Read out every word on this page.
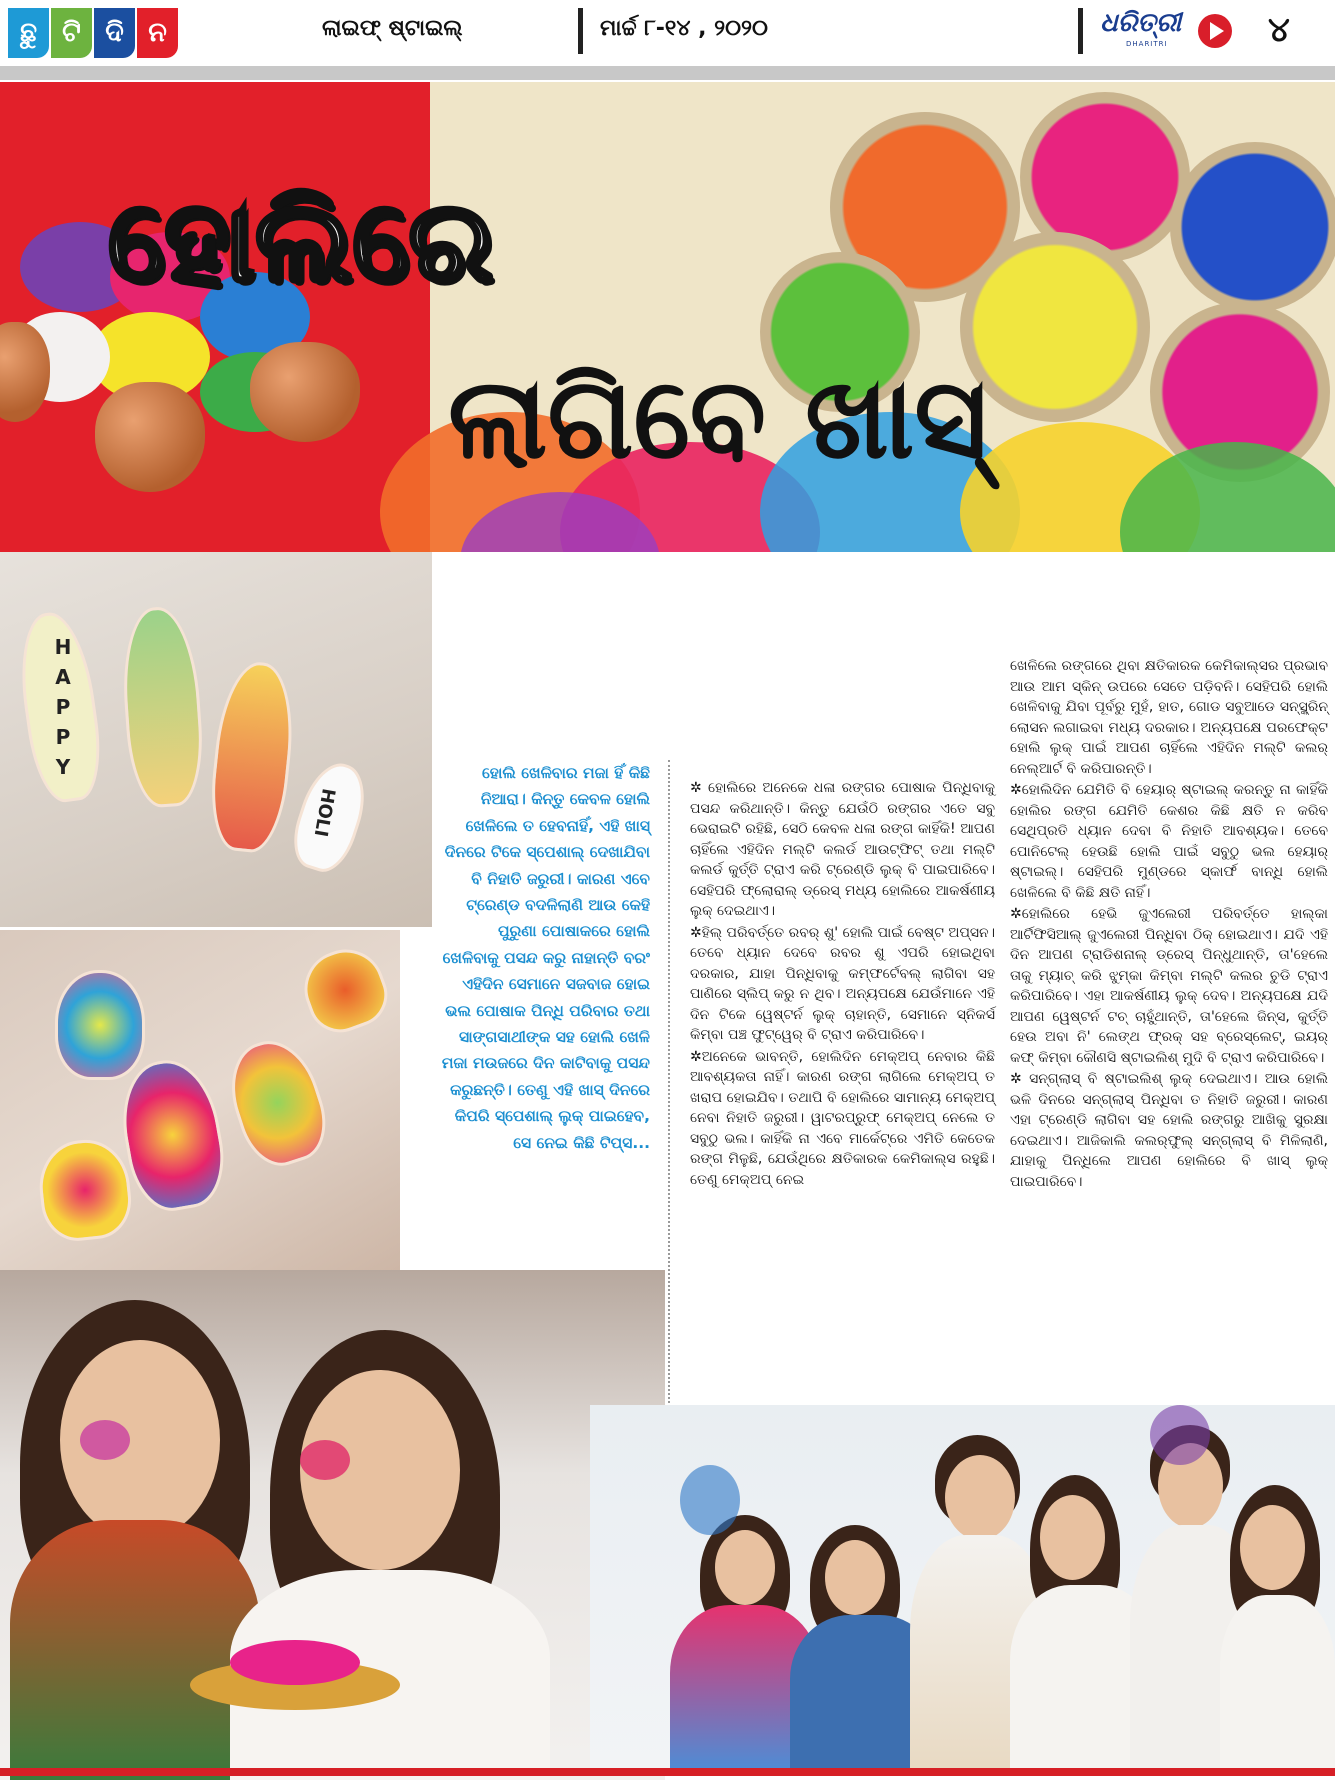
ଛୁ ଟି ଦି ନ	ଲାଇଫ୍ ଷ୍ଟାଇଲ୍	ମାର୍ଚ୍ଚ ୮-୧୪ , ୨୦୨୦	ଧରିତ୍ରୀ
DHARITRI	୪
ହୋଲିରେ
ଲାଗିବେ ଖାସ୍
H
A
P
P
Y
HOLI

ହୋଲି ଖେଳିବାର ମଜା ହିଁ କିଛି ନିଆରା। କିନ୍ତୁ କେବଳ ହୋଲି ଖେଳିଲେ ତ ହେବନାହିଁ, ଏହି ଖାସ୍ ଦିନରେ ଟିକେ ସ୍ପେଶାଲ୍ ଦେଖାଯିବା ବି ନିହାତି ଜରୁରୀ। କାରଣ ଏବେ ଟ୍ରେଣ୍ଡ ବଦଳିଲାଣି ଆଉ କେହି ପୁରୁଣା ପୋଷାକରେ ହୋଲି ଖେଳିବାକୁ ପସନ୍ଦ କରୁ ନାହାନ୍ତି ବରଂ ଏହିଦିନ ସେମାନେ ସଜବାଜ ହୋଇ ଭଲ ପୋଷାକ ପିନ୍ଧି ପରିବାର ତଥା ସାଙ୍ଗସାଥୀଙ୍କ ସହ ହୋଲି ଖେଳି ମଜା ମଉଜରେ ଦିନ କାଟିବାକୁ ପସନ୍ଦ କରୁଛନ୍ତି। ତେଣୁ ଏହି ଖାସ୍ ଦିନରେ କିପରି ସ୍ପେଶାଲ୍ ଲୁକ୍ ପାଇହେବ, ସେ ନେଇ କିଛି ଟିପ୍ସ...

✲ ହୋଲିରେ ଅନେକେ ଧଳା ରଙ୍ଗର ପୋଷାକ ପିନ୍ଧିବାକୁ ପସନ୍ଦ କରିଥାନ୍ତି। କିନ୍ତୁ ଯେଉଁଠି ରଙ୍ଗର ଏତେ ସବୁ ଭେରାଇଟି ରହିଛି, ସେଠି କେବଳ ଧଳା ରଙ୍ଗ କାହିଁକି! ଆପଣ ଚାହିଁଲେ ଏହିଦିନ ମଲ୍ଟି କଲର୍ଡ ଆଉଟ୍‌ଫିଟ୍ ତଥା ମଲ୍ଟି କଲର୍ଡ କୁର୍ତ୍ତି ଟ୍ରାଏ କରି ଟ୍ରେଣ୍ଡି ଲୁକ୍ ବି ପାଇପାରିବେ। ସେହିପରି ଫ୍ଲୋରାଲ୍ ଡ୍ରେସ୍ ମଧ୍ୟ ହୋଲିରେ ଆକର୍ଷଣୀୟ ଲୁକ୍ ଦେଇଥାଏ।

✲ହିଲ୍ ପରିବର୍ତ୍ତେ ରବର୍ ଶୁ' ହୋଲି ପାଇଁ ବେଷ୍ଟ ଅପ୍ସନ। ତେବେ ଧ୍ୟାନ ଦେବେ ରବର ଶୁ ଏପରି ହୋଇଥିବା ଦରକାର, ଯାହା ପିନ୍ଧିବାକୁ କମ୍ଫର୍ଟେବଲ୍ ଲାଗିବା ସହ ପାଣିରେ ସ୍ଲିପ୍ କରୁ ନ ଥିବ। ଅନ୍ୟପକ୍ଷେ ଯେଉଁମାନେ ଏହି ଦିନ ଟିକେ ୱେଷ୍ଟର୍ନ ଲୁକ୍ ଚାହାନ୍ତି, ସେମାନେ ସ୍ନିକର୍ସ କିମ୍ବା ପଞ୍ଚ ଫୁଟ୍‌ୱେର୍ ବି ଟ୍ରାଏ କରିପାରିବେ।

✲ଅନେକେ ଭାବନ୍ତି, ହୋଲିଦିନ ମେକ୍‌ଅପ୍ ନେବାର କିଛି ଆବଶ୍ୟକତା ନାହିଁ। କାରଣ ରଙ୍ଗ ଲାଗିଲେ ମେକ୍‌ଅପ୍ ତ ଖରାପ ହୋଇଯିବ। ତଥାପି ବି ହୋଲିରେ ସାମାନ୍ୟ ମେକ୍‌ଅପ୍ ନେବା ନିହାତି ଜରୁରୀ। ୱାଟରପ୍ରୁଫ୍ ମେକ୍‌ଅପ୍ ନେଲେ ତ ସବୁଠୁ ଭଲ। କାହିଁକି ନା ଏବେ ମାର୍କେଟ୍‌ରେ ଏମିତି କେତେକ ରଙ୍ଗ ମିଳୁଛି, ଯେଉଁଥିରେ କ୍ଷତିକାରକ କେମିକାଲ୍ସ ରହୁଛି। ତେଣୁ ମେକ୍‌ଅପ୍ ନେଇ

ଖେଳିଲେ ରଙ୍ଗରେ ଥିବା କ୍ଷତିକାରକ କେମିକାଲ୍ସର ପ୍ରଭାବ ଆଉ ଆମ ସ୍କିନ୍ ଉପରେ ସେତେ ପଡ଼ିବନି। ସେହିପରି ହୋଲି ଖେଳିବାକୁ ଯିବା ପୂର୍ବରୁ ମୁହଁ, ହାତ, ଗୋଡ ସବୁଆଡେ ସନ୍‌ସ୍କ୍ରିନ୍ ଲୋସନ ଲଗାଇବା ମଧ୍ୟ ଦରକାର। ଅନ୍ୟପକ୍ଷେ ପରଫେକ୍ଟ ହୋଲି ଲୁକ୍ ପାଇଁ ଆପଣ ଚାହିଁଲେ ଏହିଦିନ ମଲ୍ଟି କଲର୍ ନେଲ୍‌ଆର୍ଟ ବି କରିପାରନ୍ତି।

✲ହୋଲିଦିନ ଯେମିତି ବି ହେୟାର୍ ଷ୍ଟାଇଲ୍ କରନ୍ତୁ ନା କାହିଁକି ହୋଲିର ରଙ୍ଗ ଯେମିତି କେଶର କିଛି କ୍ଷତି ନ କରିବ ସେଥିପ୍ରତି ଧ୍ୟାନ ଦେବା ବି ନିହାତି ଆବଶ୍ୟକ। ତେବେ ପୋନିଟେଲ୍ ହେଉଛି ହୋଲି ପାଇଁ ସବୁଠୁ ଭଲ ହେୟାର୍ ଷ୍ଟାଇଲ୍। ସେହିପରି ମୁଣ୍ଡରେ ସ୍କାର୍ଫ ବାନ୍ଧି ହୋଲି ଖେଳିଲେ ବି କିଛି କ୍ଷତି ନାହିଁ।

✲ହୋଲିରେ ହେଭି ଜୁଏଲେରୀ ପରିବର୍ତ୍ତେ ହାଲ୍‌କା ଆର୍ଟିଫିସିଆଲ୍ ଜୁଏଲେରୀ ପିନ୍ଧିବା ଠିକ୍ ହୋଇଥାଏ। ଯଦି ଏହି ଦିନ ଆପଣ ଟ୍ରାଡିଶନାଲ୍ ଡ୍ରେସ୍ ପିନ୍ଧୁଥାନ୍ତି, ତା'ହେଲେ ତାକୁ ମ୍ୟାଚ୍ କରି ଝୁମ୍‌କା କିମ୍ବା ମଲ୍ଟି କଲର ଚୁଡି ଟ୍ରାଏ କରିପାରିବେ। ଏହା ଆକର୍ଷଣୀୟ ଲୁକ୍ ଦେବ। ଅନ୍ୟପକ୍ଷେ ଯଦି ଆପଣ ୱେଷ୍ଟର୍ନ ଟଚ୍ ଚାହୁଁଥାନ୍ତି, ତା'ହେଲେ ଜିନ୍ସ, କୁର୍ତ୍ତି ହେଉ ଅବା ନି' ଲେଙ୍ଥ ଫ୍ରକ୍ ସହ ବ୍ରେସ୍‌ଲେଟ୍, ଇୟର୍ କଫ୍ କିମ୍ବା କୌଣସି ଷ୍ଟାଇଲିଶ୍ ମୁଦି ବି ଟ୍ରାଏ କରିପାରିବେ।

✲ ସନ୍‌ଗ୍ଲାସ୍ ବି ଷ୍ଟାଇଲିଶ୍ ଲୁକ୍ ଦେଇଥାଏ। ଆଉ ହୋଲି ଭଳି ଦିନରେ ସନ୍‌ଗ୍ଲାସ୍ ପିନ୍ଧିବା ତ ନିହାତି ଜରୁରୀ। କାରଣ ଏହା ଟ୍ରେଣ୍ଡି ଲାଗିବା ସହ ହୋଲି ରଙ୍ଗରୁ ଆଖିକୁ ସୁରକ୍ଷା ଦେଇଥାଏ। ଆଜିକାଲି କଲର୍‌ଫୁଲ୍ ସନ୍‌ଗ୍ଲାସ୍ ବି ମିଳିଲାଣି, ଯାହାକୁ ପିନ୍ଧିଲେ ଆପଣ ହୋଲିରେ ବି ଖାସ୍ ଲୁକ୍ ପାଇପାରିବେ।
